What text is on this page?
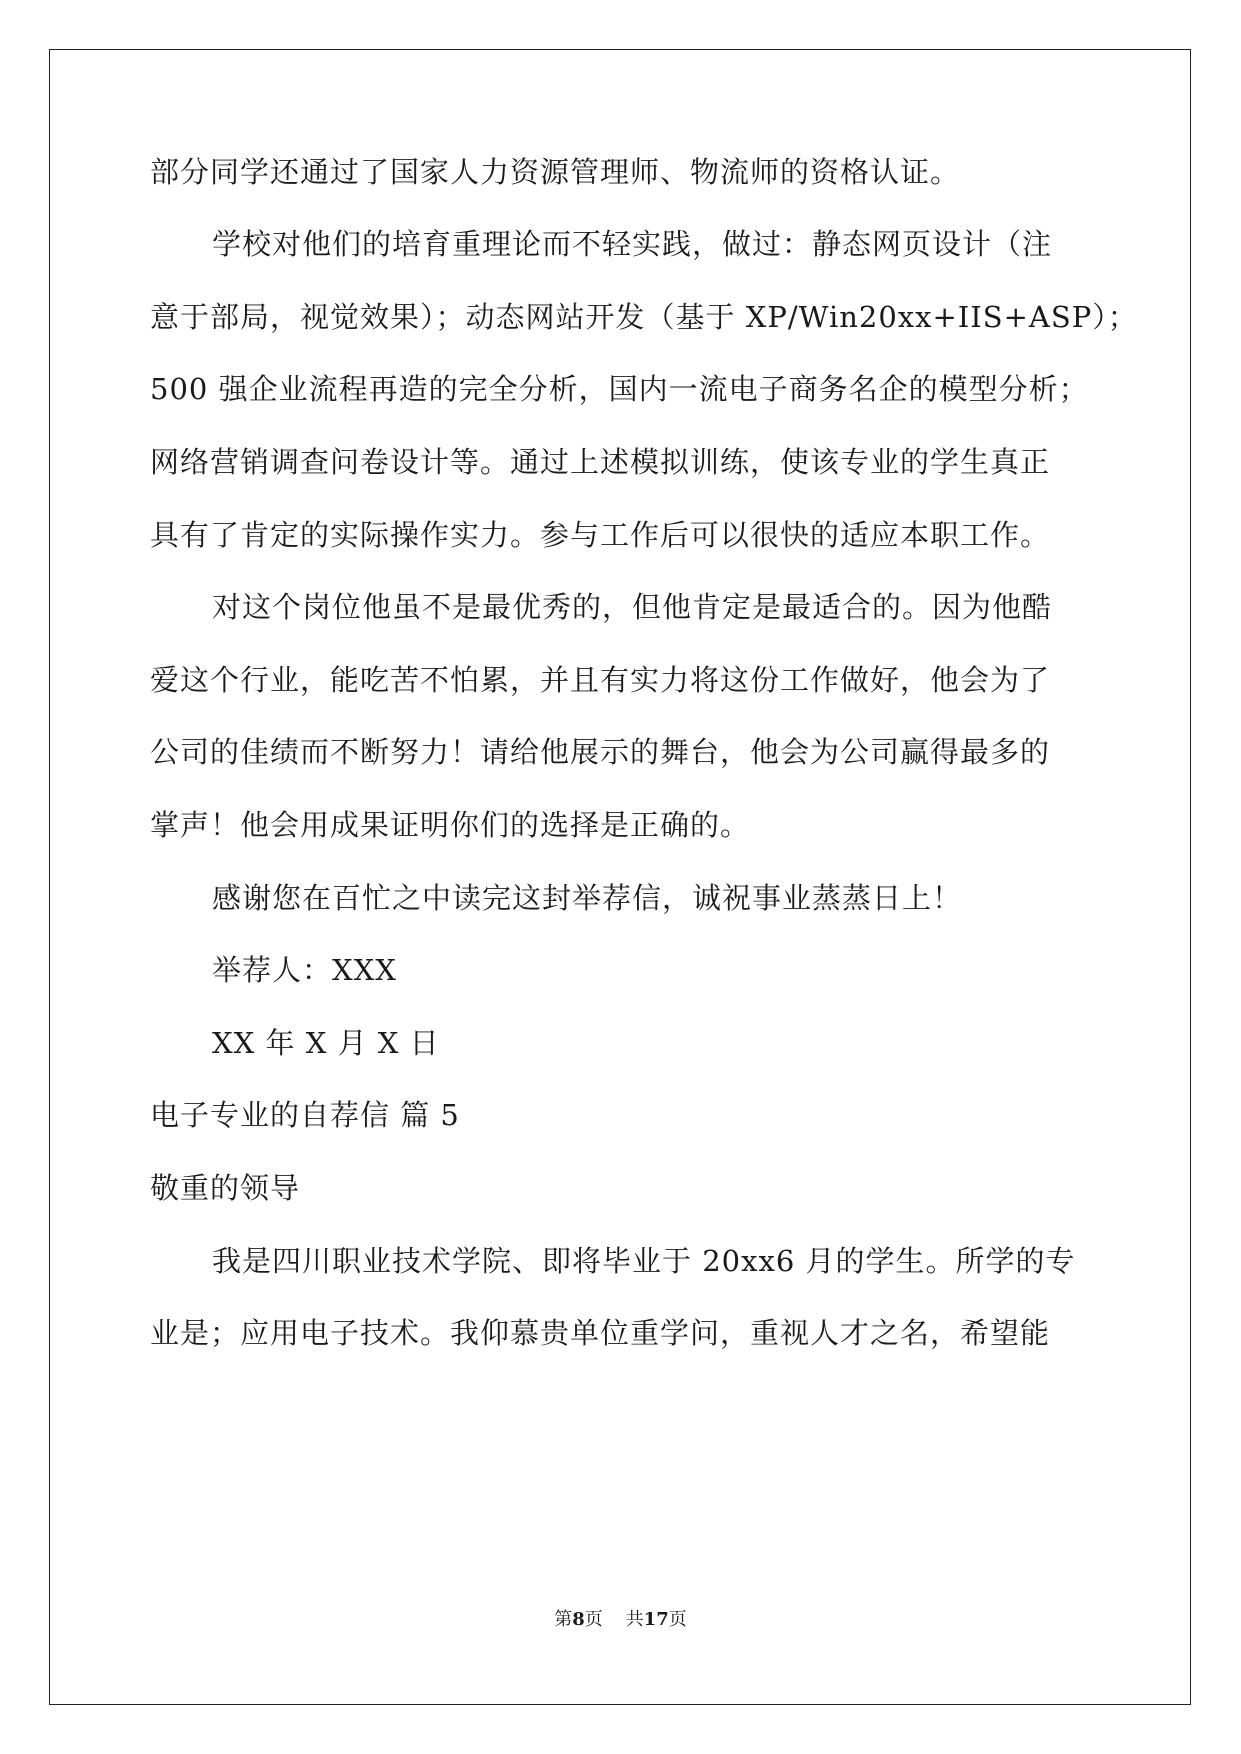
部分同学还通过了国家人力资源管理师、物流师的资格认证。
学校对他们的培育重理论而不轻实践，做过：静态网页设计（注
意于部局，视觉效果）；动态网站开发（基于 XP/Win20xx+IIS+ASP）；
500 强企业流程再造的完全分析，国内一流电子商务名企的模型分析；
网络营销调查问卷设计等。通过上述模拟训练，使该专业的学生真正
具有了肯定的实际操作实力。参与工作后可以很快的适应本职工作。
对这个岗位他虽不是最优秀的，但他肯定是最适合的。因为他酷
爱这个行业，能吃苦不怕累，并且有实力将这份工作做好，他会为了
公司的佳绩而不断努力！请给他展示的舞台，他会为公司赢得最多的
掌声！他会用成果证明你们的选择是正确的。
感谢您在百忙之中读完这封举荐信，诚祝事业蒸蒸日上！
举荐人：XXX
XX 年 X 月 X 日
电子专业的自荐信 篇 5
敬重的领导
我是四川职业技术学院、即将毕业于 20xx6 月的学生。所学的专
业是；应用电子技术。我仰慕贵单位重学问，重视人才之名，希望能
第8页 共17页
